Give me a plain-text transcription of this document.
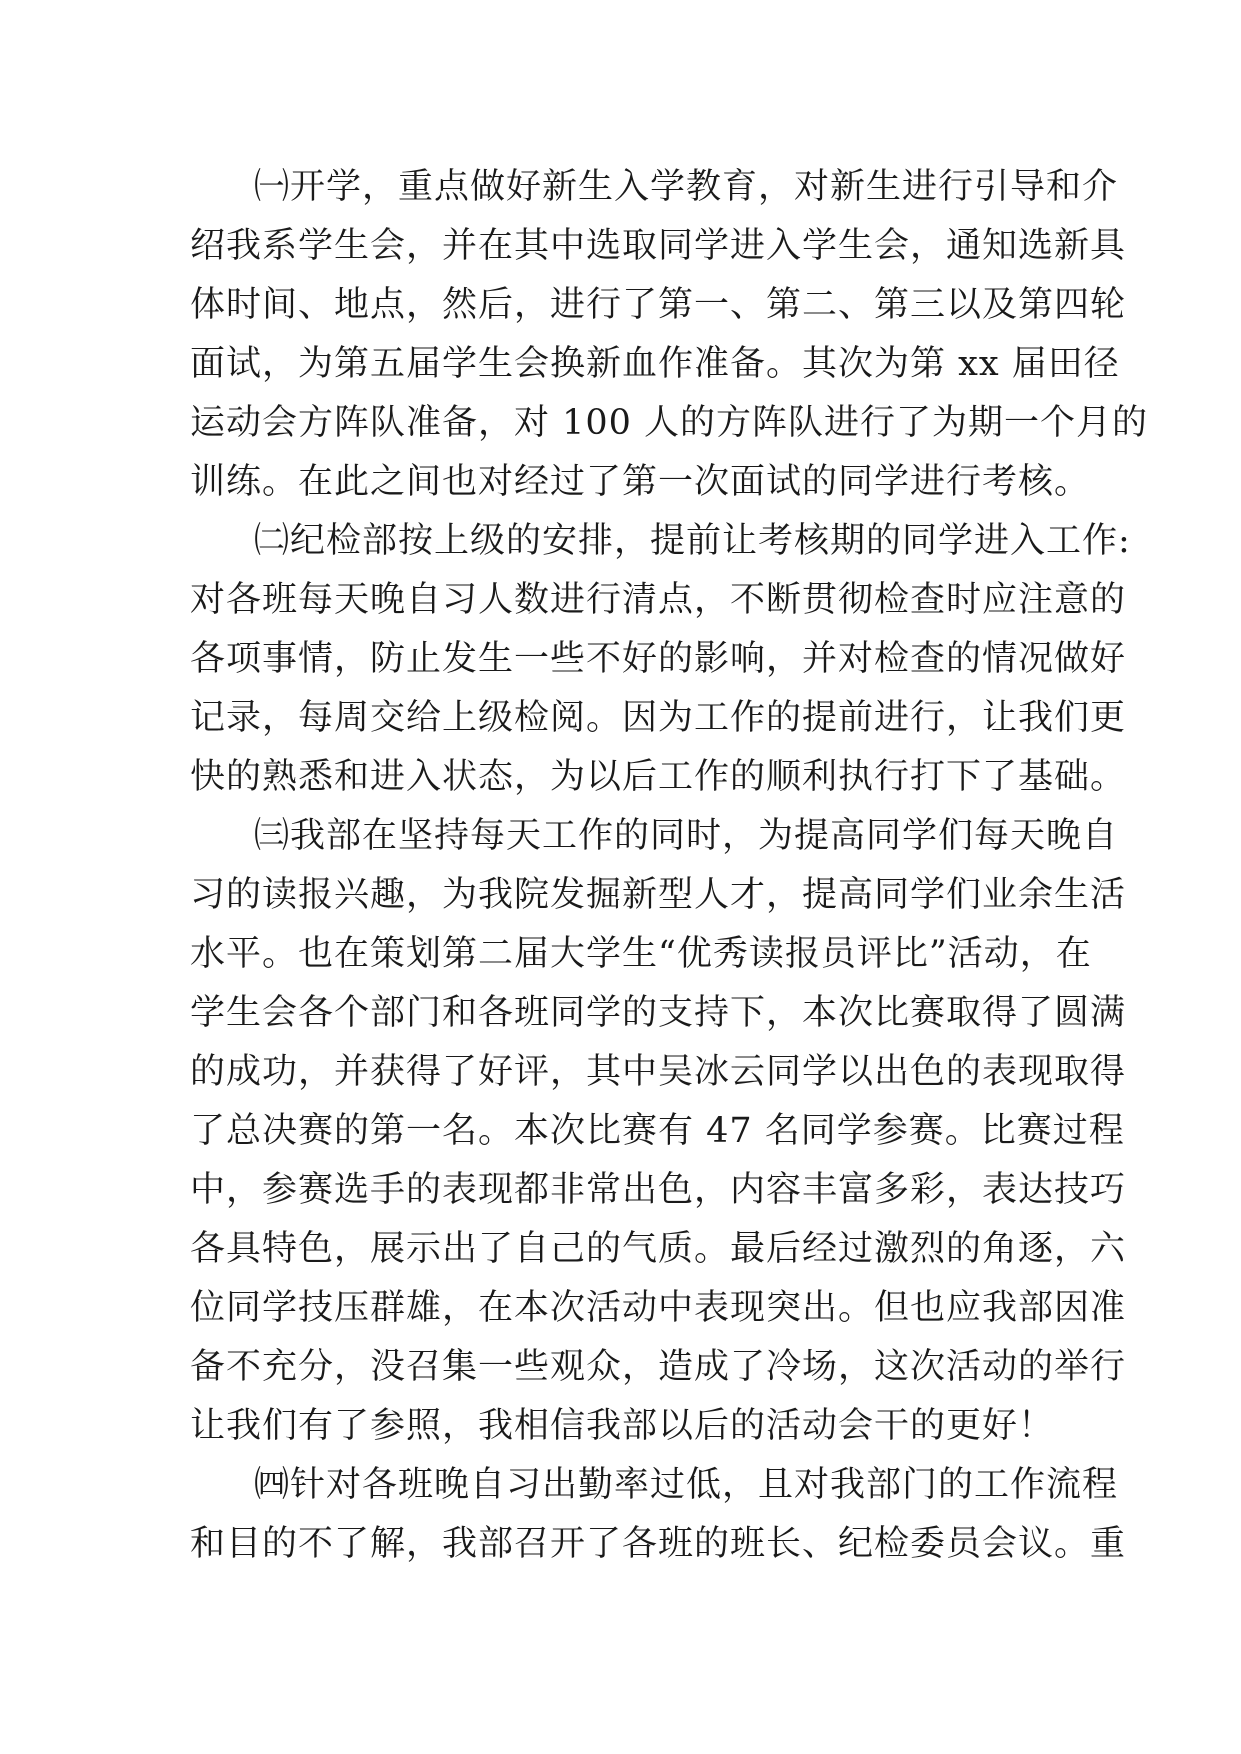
㈠开学，重点做好新生入学教育，对新生进行引导和介
绍我系学生会，并在其中选取同学进入学生会，通知选新具
体时间、地点，然后，进行了第一、第二、第三以及第四轮
面试，为第五届学生会换新血作准备。其次为第 xx 届田径
运动会方阵队准备，对 100 人的方阵队进行了为期一个月的
训练。在此之间也对经过了第一次面试的同学进行考核。
㈡纪检部按上级的安排，提前让考核期的同学进入工作:
对各班每天晚自习人数进行清点，不断贯彻检查时应注意的
各项事情，防止发生一些不好的影响，并对检查的情况做好
记录，每周交给上级检阅。因为工作的提前进行，让我们更
快的熟悉和进入状态，为以后工作的顺利执行打下了基础。
㈢我部在坚持每天工作的同时，为提高同学们每天晚自
习的读报兴趣，为我院发掘新型人才，提高同学们业余生活
水平。也在策划第二届大学生“优秀读报员评比”活动，在
学生会各个部门和各班同学的支持下，本次比赛取得了圆满
的成功，并获得了好评，其中吴冰云同学以出色的表现取得
了总决赛的第一名。本次比赛有 47 名同学参赛。比赛过程
中，参赛选手的表现都非常出色，内容丰富多彩，表达技巧
各具特色，展示出了自己的气质。最后经过激烈的角逐，六
位同学技压群雄，在本次活动中表现突出。但也应我部因准
备不充分，没召集一些观众，造成了冷场，这次活动的举行
让我们有了参照，我相信我部以后的活动会干的更好！
㈣针对各班晚自习出勤率过低，且对我部门的工作流程
和目的不了解，我部召开了各班的班长、纪检委员会议。重
